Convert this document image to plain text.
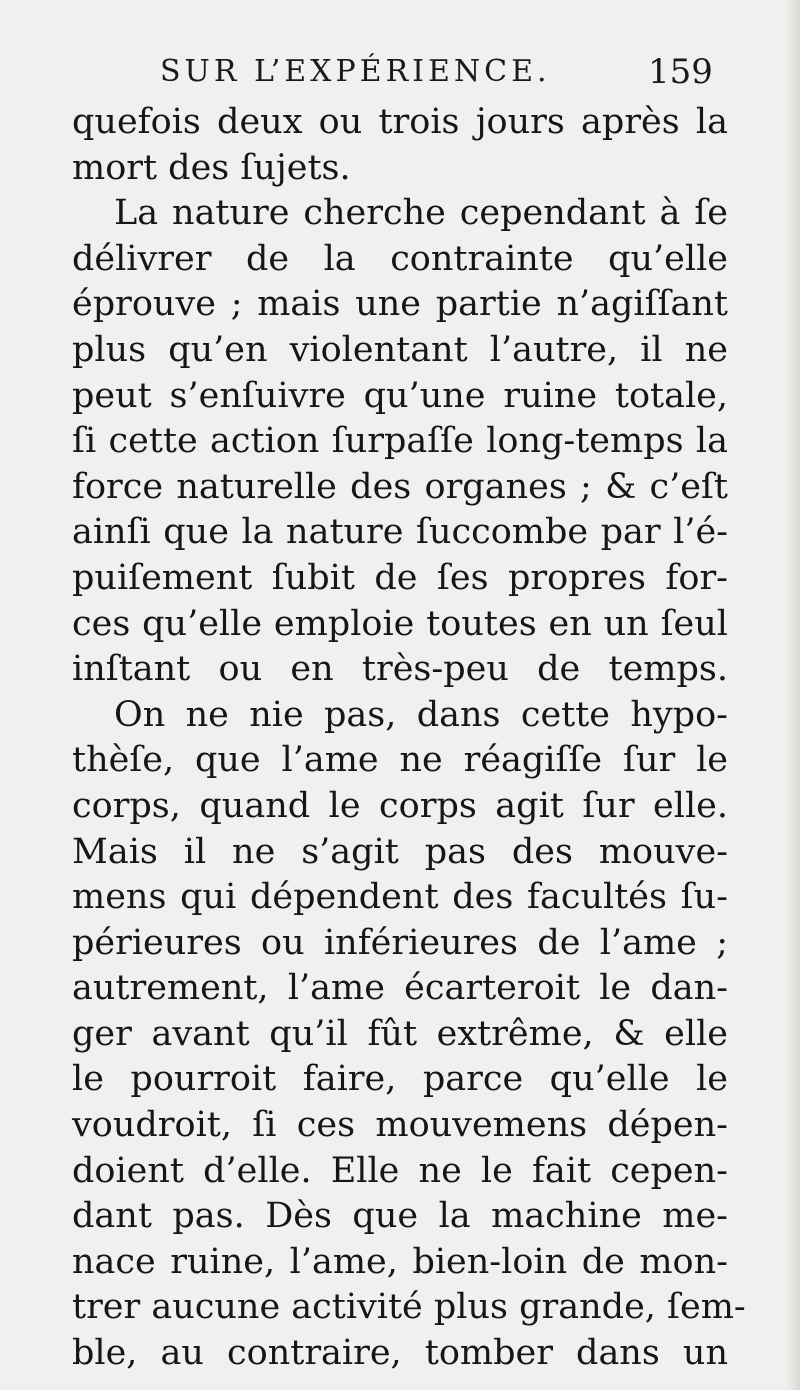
SUR L’EXPÉRIENCE.	159
quefois deux ou trois jours après la
mort des ſujets.
La nature cherche cependant à ſe
délivrer de la contrainte qu’elle
éprouve ; mais une partie n’agiſſant
plus qu’en violentant l’autre, il ne
peut s’enſuivre qu’une ruine totale,
ſi cette action ſurpaſſe long-temps la
force naturelle des organes ; & c’eſt
ainſi que la nature ſuccombe par l’é-
puiſement ſubit de ſes propres for-
ces qu’elle emploie toutes en un ſeul
inſtant ou en très-peu de temps.
On ne nie pas, dans cette hypo-
thèſe, que l’ame ne réagiſſe ſur le
corps, quand le corps agit ſur elle.
Mais il ne s’agit pas des mouve-
mens qui dépendent des facultés ſu-
périeures ou inférieures de l’ame ;
autrement, l’ame écarteroit le dan-
ger avant qu’il fût extrême, & elle
le pourroit faire, parce qu’elle le
voudroit, ſi ces mouvemens dépen-
doient d’elle. Elle ne le fait cepen-
dant pas. Dès que la machine me-
nace ruine, l’ame, bien-loin de mon-
trer aucune activité plus grande, ſem-
ble, au contraire, tomber dans un
